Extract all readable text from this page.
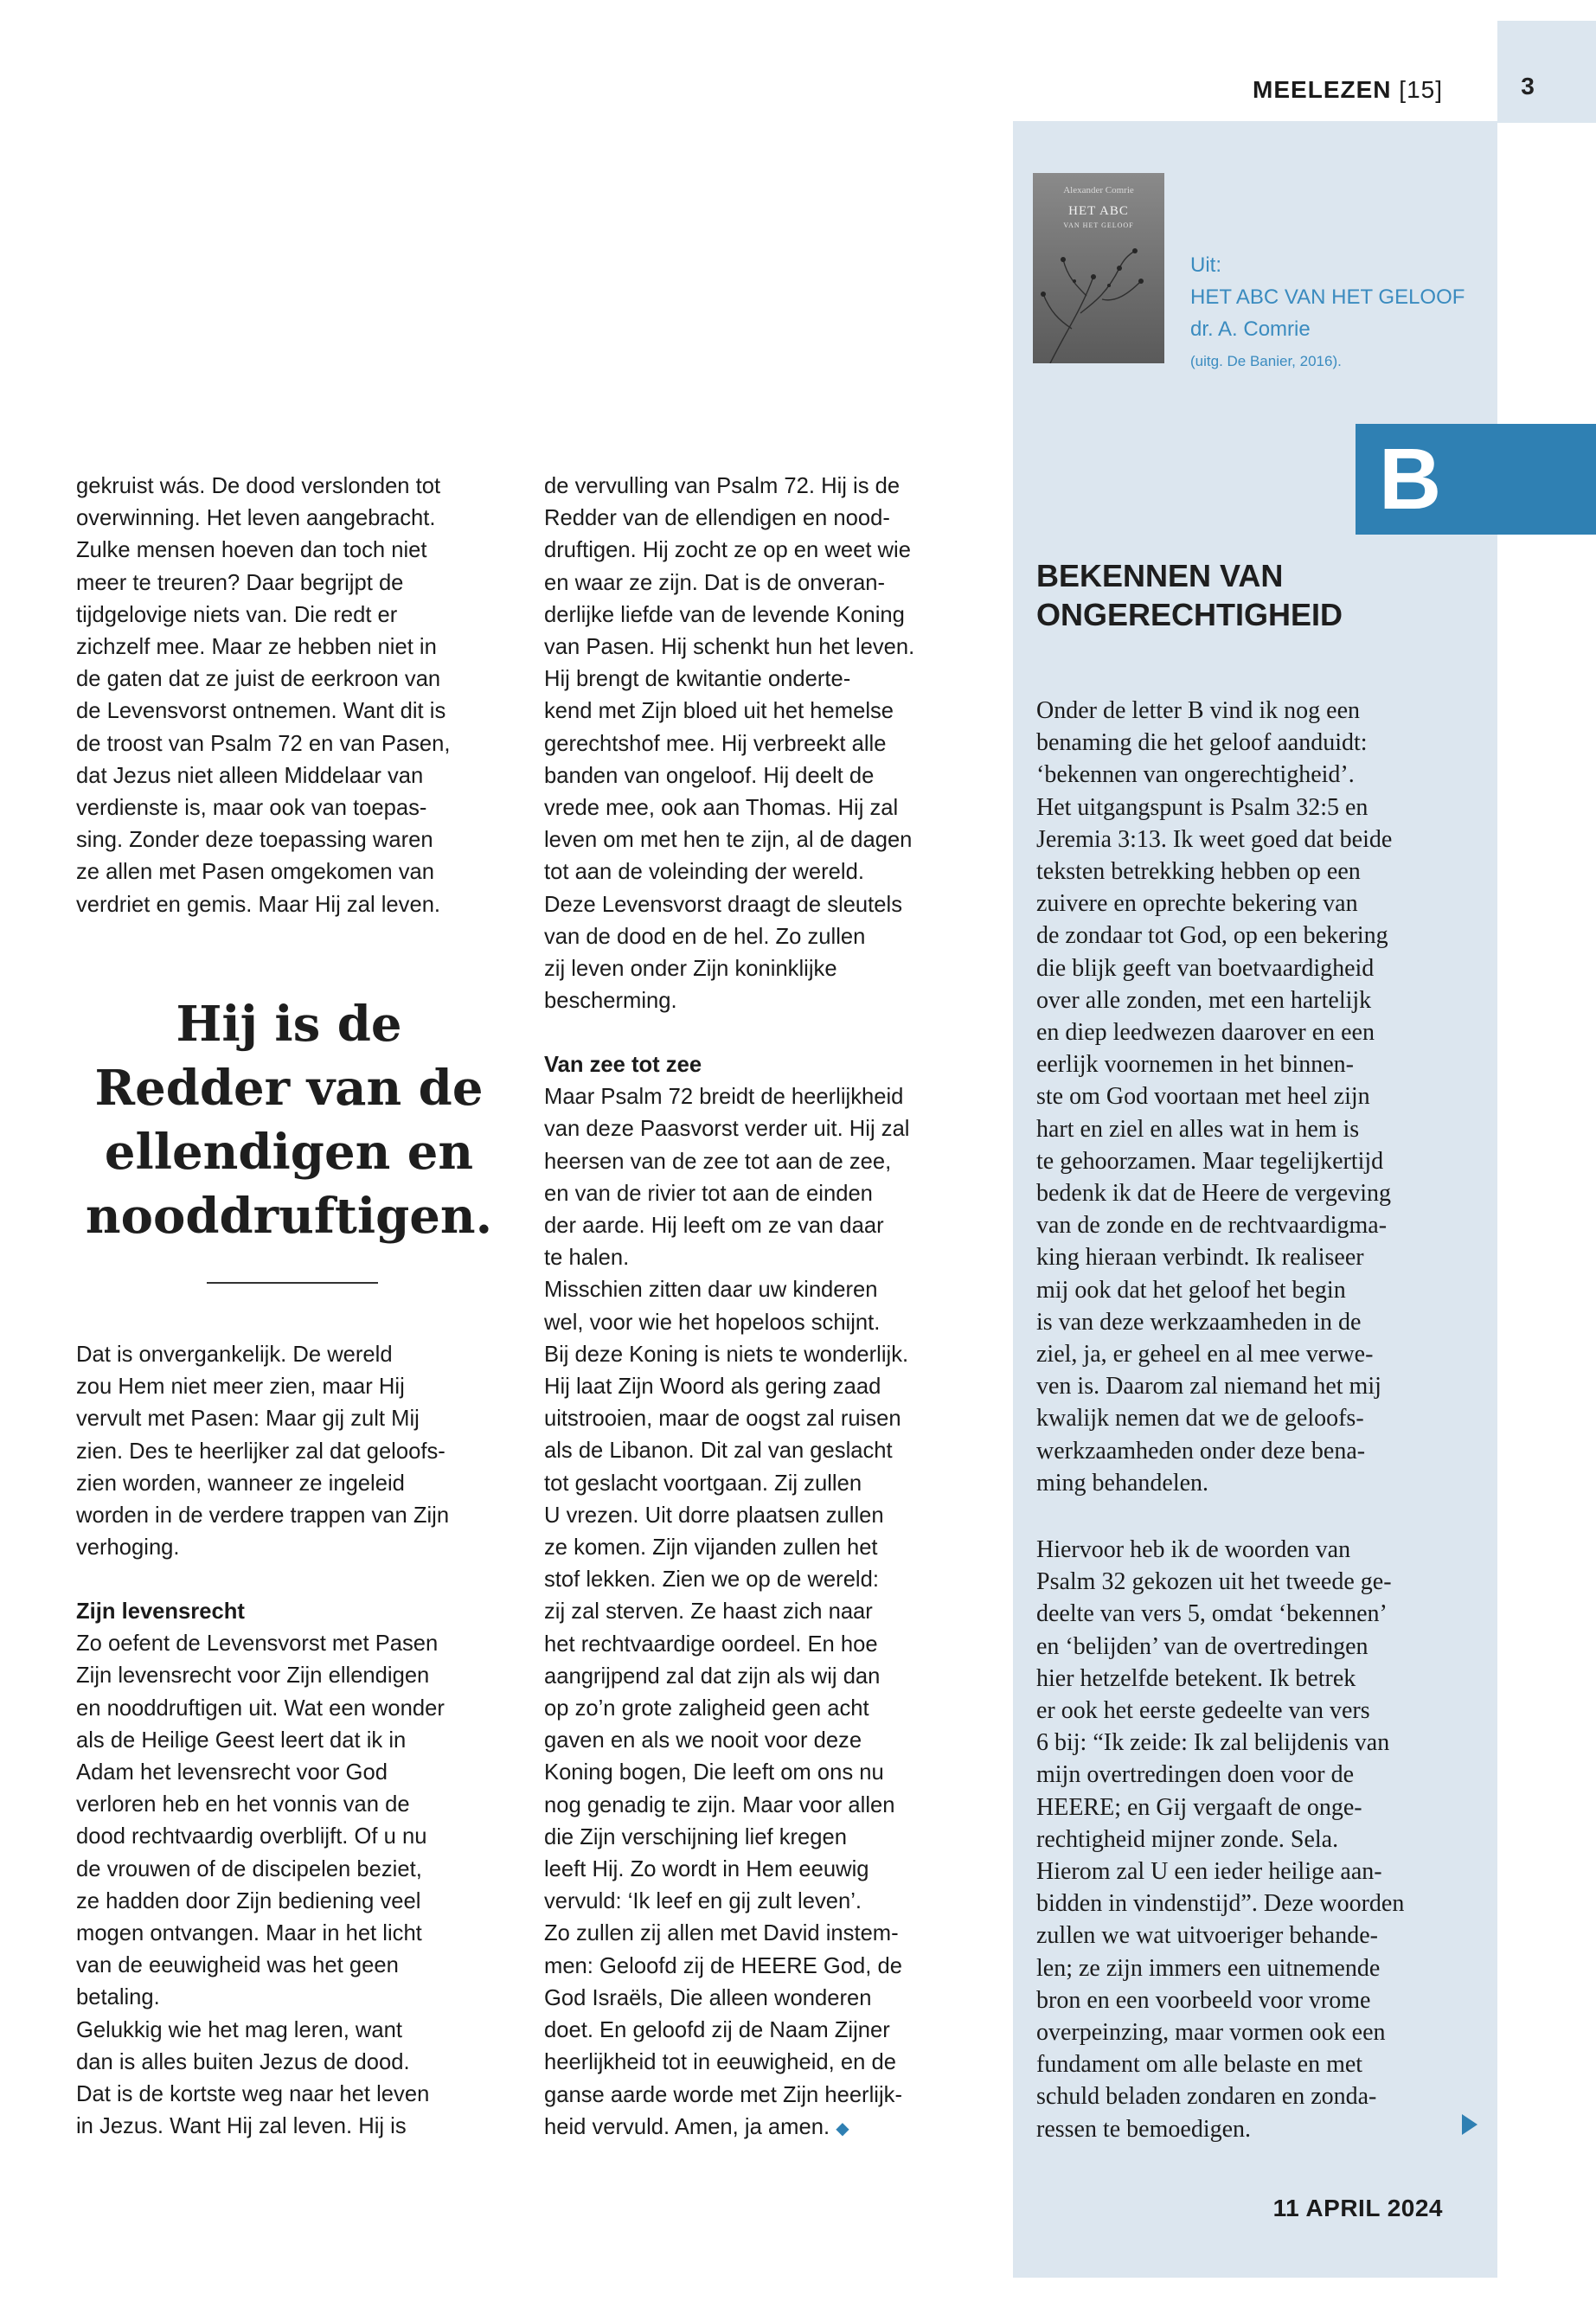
3
MEELEZEN [15]
Alexander Comrie
HET ABC
VAN HET GELOOF
Uit:
HET ABC VAN HET GELOOF
dr. A. Comrie
(uitg. De Banier, 2016).
B
BEKENNEN VAN
ONGERECHTIGHEID

Onder de letter B vind ik nog een

benaming die het geloof aanduidt:

‘bekennen van ongerechtigheid’.

Het uitgangspunt is Psalm 32:5 en

Jeremia 3:13. Ik weet goed dat beide

teksten betrekking hebben op een

zuivere en oprechte bekering van

de zondaar tot God, op een bekering

die blijk geeft van boetvaardigheid

over alle zonden, met een hartelijk

en diep leedwezen daarover en een

eerlijk voornemen in het binnen-

ste om God voortaan met heel zijn

hart en ziel en alles wat in hem is

te gehoorzamen. Maar tegelijkertijd

bedenk ik dat de Heere de vergeving

van de zonde en de rechtvaardigma-

king hieraan verbindt. Ik realiseer

mij ook dat het geloof het begin

is van deze werkzaamheden in de

ziel, ja, er geheel en al mee verwe-

ven is. Daarom zal niemand het mij

kwalijk nemen dat we de geloofs-

werkzaamheden onder deze bena-

ming behandelen.

Hiervoor heb ik de woorden van

Psalm 32 gekozen uit het tweede ge-

deelte van vers 5, omdat ‘bekennen’

en ‘belijden’ van de overtredingen

hier hetzelfde betekent. Ik betrek

er ook het eerste gedeelte van vers

6 bij: “Ik zeide: Ik zal belijdenis van

mijn overtredingen doen voor de

HEERE; en Gij vergaaft de onge-

rechtigheid mijner zonde. Sela.

Hierom zal U een ieder heilige aan-

bidden in vindenstijd”. Deze woorden

zullen we wat uitvoeriger behande-

len; ze zijn immers een uitnemende

bron en een voorbeeld voor vrome

overpeinzing, maar vormen ook een

fundament om alle belaste en met

schuld beladen zondaren en zonda-

ressen te bemoedigen.

gekruist wás. De dood verslonden tot

overwinning. Het leven aangebracht.

Zulke mensen hoeven dan toch niet

meer te treuren? Daar begrijpt de

tijdgelovige niets van. Die redt er

zichzelf mee. Maar ze hebben niet in

de gaten dat ze juist de eerkroon van

de Levensvorst ontnemen. Want dit is

de troost van Psalm 72 en van Pasen,

dat Jezus niet alleen Middelaar van

verdienste is, maar ook van toepas-

sing. Zonder deze toepassing waren

ze allen met Pasen omgekomen van

verdriet en gemis. Maar Hij zal leven.

Hij is de
Redder van de
ellendigen en
nooddruftigen.

Dat is onvergankelijk. De wereld

zou Hem niet meer zien, maar Hij

vervult met Pasen: Maar gij zult Mij

zien. Des te heerlijker zal dat geloofs-

zien worden, wanneer ze ingeleid

worden in de verdere trappen van Zijn

verhoging.

Zijn levensrecht

Zo oefent de Levensvorst met Pasen

Zijn levensrecht voor Zijn ellendigen

en nooddruftigen uit. Wat een wonder

als de Heilige Geest leert dat ik in

Adam het levensrecht voor God

verloren heb en het vonnis van de

dood rechtvaardig overblijft. Of u nu

de vrouwen of de discipelen beziet,

ze hadden door Zijn bediening veel

mogen ontvangen. Maar in het licht

van de eeuwigheid was het geen

betaling.

Gelukkig wie het mag leren, want

dan is alles buiten Jezus de dood.

Dat is de kortste weg naar het leven

in Jezus. Want Hij zal leven. Hij is

de vervulling van Psalm 72. Hij is de

Redder van de ellendigen en nood-

druftigen. Hij zocht ze op en weet wie

en waar ze zijn. Dat is de onveran-

derlijke liefde van de levende Koning

van Pasen. Hij schenkt hun het leven.

Hij brengt de kwitantie onderte-

kend met Zijn bloed uit het hemelse

gerechtshof mee. Hij verbreekt alle

banden van ongeloof. Hij deelt de

vrede mee, ook aan Thomas. Hij zal

leven om met hen te zijn, al de dagen

tot aan de voleinding der wereld.

Deze Levensvorst draagt de sleutels

van de dood en de hel. Zo zullen

zij leven onder Zijn koninklijke

bescherming.

Van zee tot zee

Maar Psalm 72 breidt de heerlijkheid

van deze Paasvorst verder uit. Hij zal

heersen van de zee tot aan de zee,

en van de rivier tot aan de einden

der aarde. Hij leeft om ze van daar

te halen.

Misschien zitten daar uw kinderen

wel, voor wie het hopeloos schijnt.

Bij deze Koning is niets te wonderlijk.

Hij laat Zijn Woord als gering zaad

uitstrooien, maar de oogst zal ruisen

als de Libanon. Dit zal van geslacht

tot geslacht voortgaan. Zij zullen

U vrezen. Uit dorre plaatsen zullen

ze komen. Zijn vijanden zullen het

stof lekken. Zien we op de wereld:

zij zal sterven. Ze haast zich naar

het rechtvaardige oordeel. En hoe

aangrijpend zal dat zijn als wij dan

op zo’n grote zaligheid geen acht

gaven en als we nooit voor deze

Koning bogen, Die leeft om ons nu

nog genadig te zijn. Maar voor allen

die Zijn verschijning lief kregen

leeft Hij. Zo wordt in Hem eeuwig

vervuld: ‘Ik leef en gij zult leven’.

Zo zullen zij allen met David instem-

men: Geloofd zij de HEERE God, de

God Israëls, Die alleen wonderen

doet. En geloofd zij de Naam Zijner

heerlijkheid tot in eeuwigheid, en de

ganse aarde worde met Zijn heerlijk-

heid vervuld. Amen, ja amen. ◆

11 APRIL 2024
